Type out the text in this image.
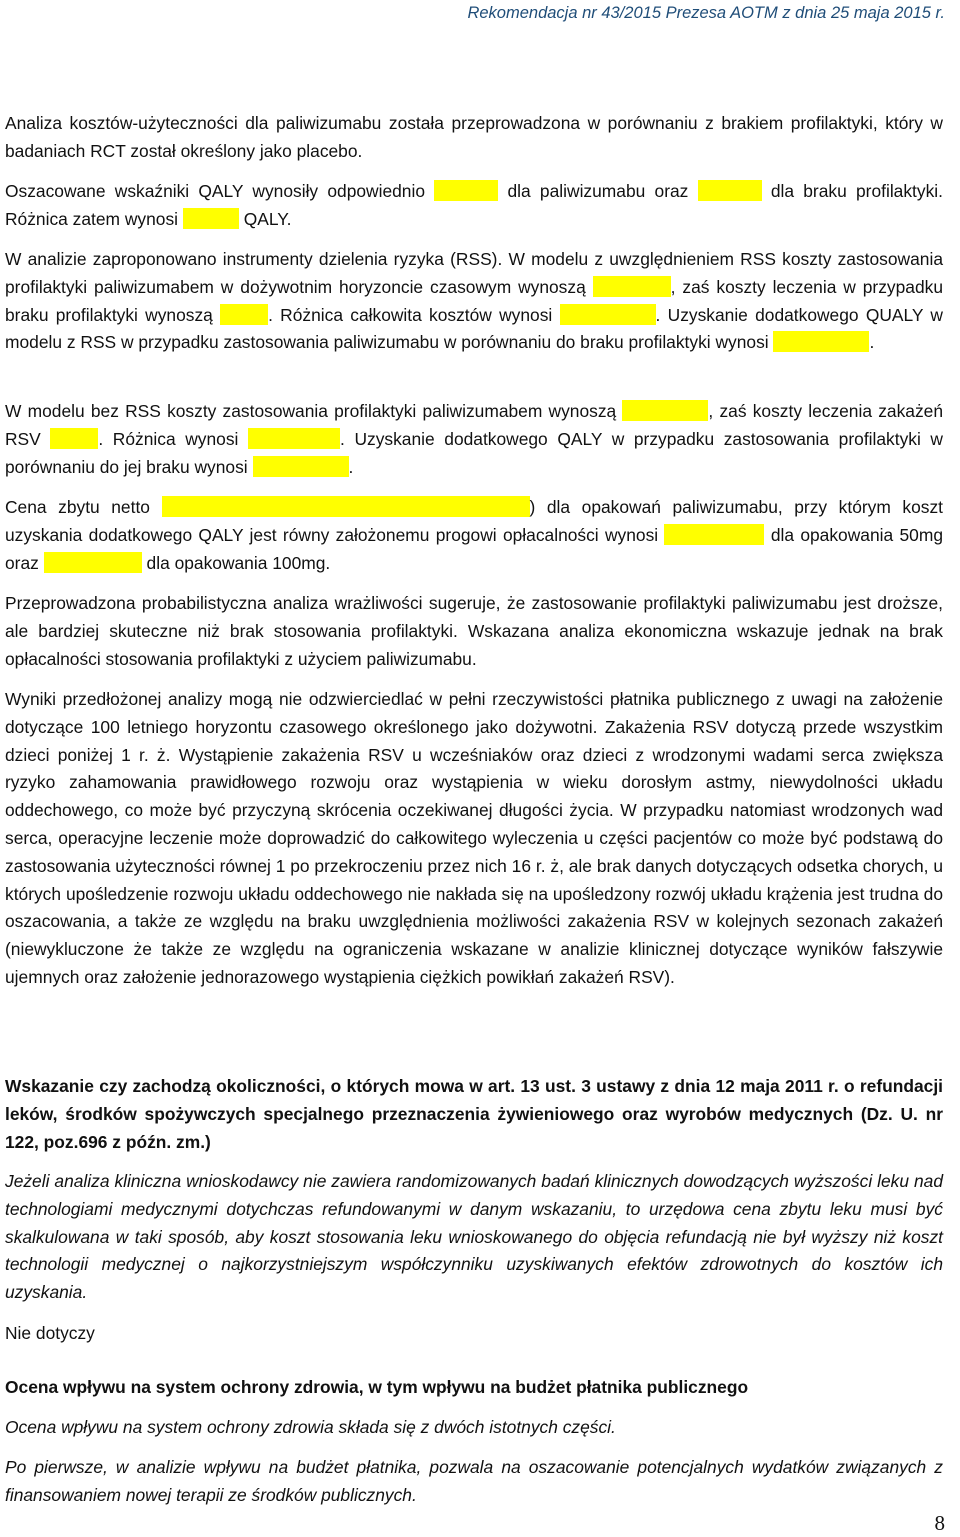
Rekomendacja nr 43/2015 Prezesa AOTM z dnia 25 maja 2015 r.

Analiza kosztów-użyteczności dla paliwizumabu została przeprowadzona w porównaniu z brakiem profilaktyki, który w badaniach RCT został określony jako placebo.

Oszacowane wskaźniki QALY wynosiły odpowiednio	dla paliwizumabu oraz	dla braku profilaktyki. Różnica zatem wynosi	QALY.

W analizie zaproponowano instrumenty dzielenia ryzyka (RSS). W modelu z uwzględnieniem RSS koszty zastosowania profilaktyki paliwizumabem w dożywotnim horyzoncie czasowym wynoszą	, zaś koszty leczenia w przypadku braku profilaktyki wynoszą	. Różnica całkowita kosztów wynosi	. Uzyskanie dodatkowego QUALY w modelu z RSS w przypadku zastosowania paliwizumabu w porównaniu do braku profilaktyki wynosi	.

W modelu bez RSS koszty zastosowania profilaktyki paliwizumabem wynoszą	, zaś koszty leczenia zakażeń RSV	. Różnica wynosi	. Uzyskanie dodatkowego QALY w przypadku zastosowania profilaktyki w porównaniu do jej braku wynosi	.

Cena zbytu netto	) dla opakowań paliwizumabu, przy którym koszt uzyskania dodatkowego QALY jest równy założonemu progowi opłacalności wynosi	dla opakowania 50mg oraz	dla opakowania 100mg.

Przeprowadzona probabilistyczna analiza wrażliwości sugeruje, że zastosowanie profilaktyki paliwizumabu jest droższe, ale bardziej skuteczne niż brak stosowania profilaktyki. Wskazana analiza ekonomiczna wskazuje jednak na brak opłacalności stosowania profilaktyki z użyciem paliwizumabu.

Wyniki przedłożonej analizy mogą nie odzwierciedlać w pełni rzeczywistości płatnika publicznego z uwagi na założenie dotyczące 100 letniego horyzontu czasowego określonego jako dożywotni. Zakażenia RSV dotyczą przede wszystkim dzieci poniżej 1 r. ż. Wystąpienie zakażenia RSV u wcześniaków oraz dzieci z wrodzonymi wadami serca zwiększa ryzyko zahamowania prawidłowego rozwoju oraz wystąpienia w wieku dorosłym astmy, niewydolności układu oddechowego, co może być przyczyną skrócenia oczekiwanej długości życia. W przypadku natomiast wrodzonych wad serca, operacyjne leczenie może doprowadzić do całkowitego wyleczenia u części pacjentów co może być podstawą do zastosowania użyteczności równej 1 po przekroczeniu przez nich 16 r. ż, ale brak danych dotyczących odsetka chorych, u których upośledzenie rozwoju układu oddechowego nie nakłada się na upośledzony rozwój układu krążenia jest trudna do oszacowania, a także ze względu na braku uwzględnienia możliwości zakażenia RSV w kolejnych sezonach zakażeń (niewykluczone że także ze względu na ograniczenia wskazane w analizie klinicznej dotyczące wyników fałszywie ujemnych oraz założenie jednorazowego wystąpienia ciężkich powikłań zakażeń RSV).

Wskazanie czy zachodzą okoliczności, o których mowa w art. 13 ust. 3 ustawy z dnia 12 maja 2011 r. o refundacji leków, środków spożywczych specjalnego przeznaczenia żywieniowego oraz wyrobów medycznych (Dz. U. nr 122, poz.696 z późn. zm.)

Jeżeli analiza kliniczna wnioskodawcy nie zawiera randomizowanych badań klinicznych dowodzących wyższości leku nad technologiami medycznymi dotychczas refundowanymi w danym wskazaniu, to urzędowa cena zbytu leku musi być skalkulowana w taki sposób, aby koszt stosowania leku wnioskowanego do objęcia refundacją nie był wyższy niż koszt technologii medycznej o najkorzystniejszym współczynniku uzyskiwanych efektów zdrowotnych do kosztów ich uzyskania.

Nie dotyczy

Ocena wpływu na system ochrony zdrowia, w tym wpływu na budżet płatnika publicznego

Ocena wpływu na system ochrony zdrowia składa się z dwóch istotnych części.

Po pierwsze, w analizie wpływu na budżet płatnika, pozwala na oszacowanie potencjalnych wydatków związanych z finansowaniem nowej terapii ze środków publicznych.

8
